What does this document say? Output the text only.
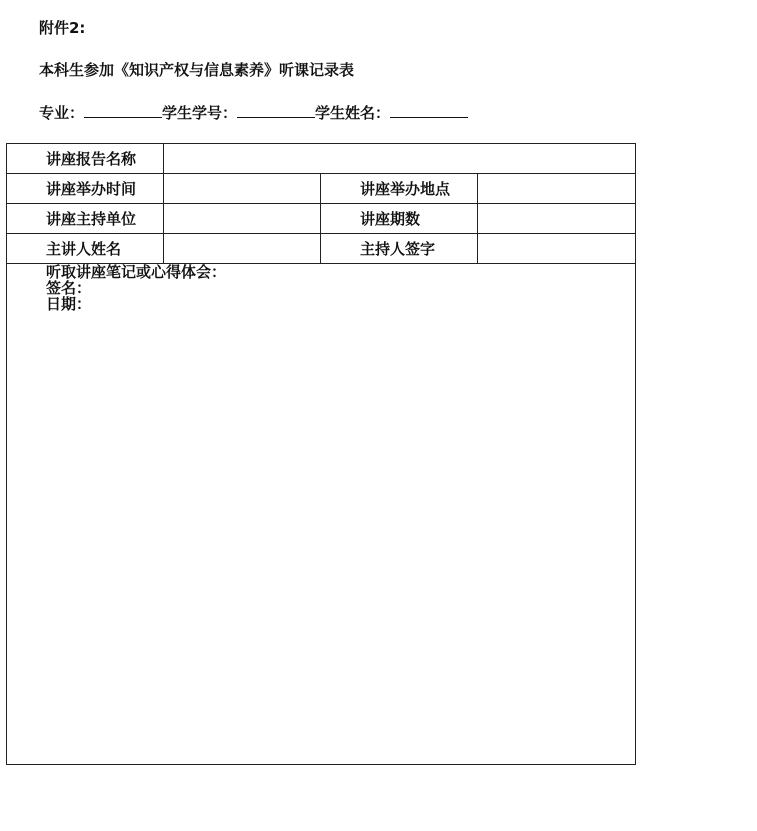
附件2:
本科生参加《知识产权与信息素养》听课记录表
专业：	学生学号：	学生姓名：
讲座报告名称			
讲座举办时间		讲座举办地点	
讲座主持单位		讲座期数	
主讲人姓名		主持人签字	

听取讲座笔记或心得体会：
签名：
日期：			
